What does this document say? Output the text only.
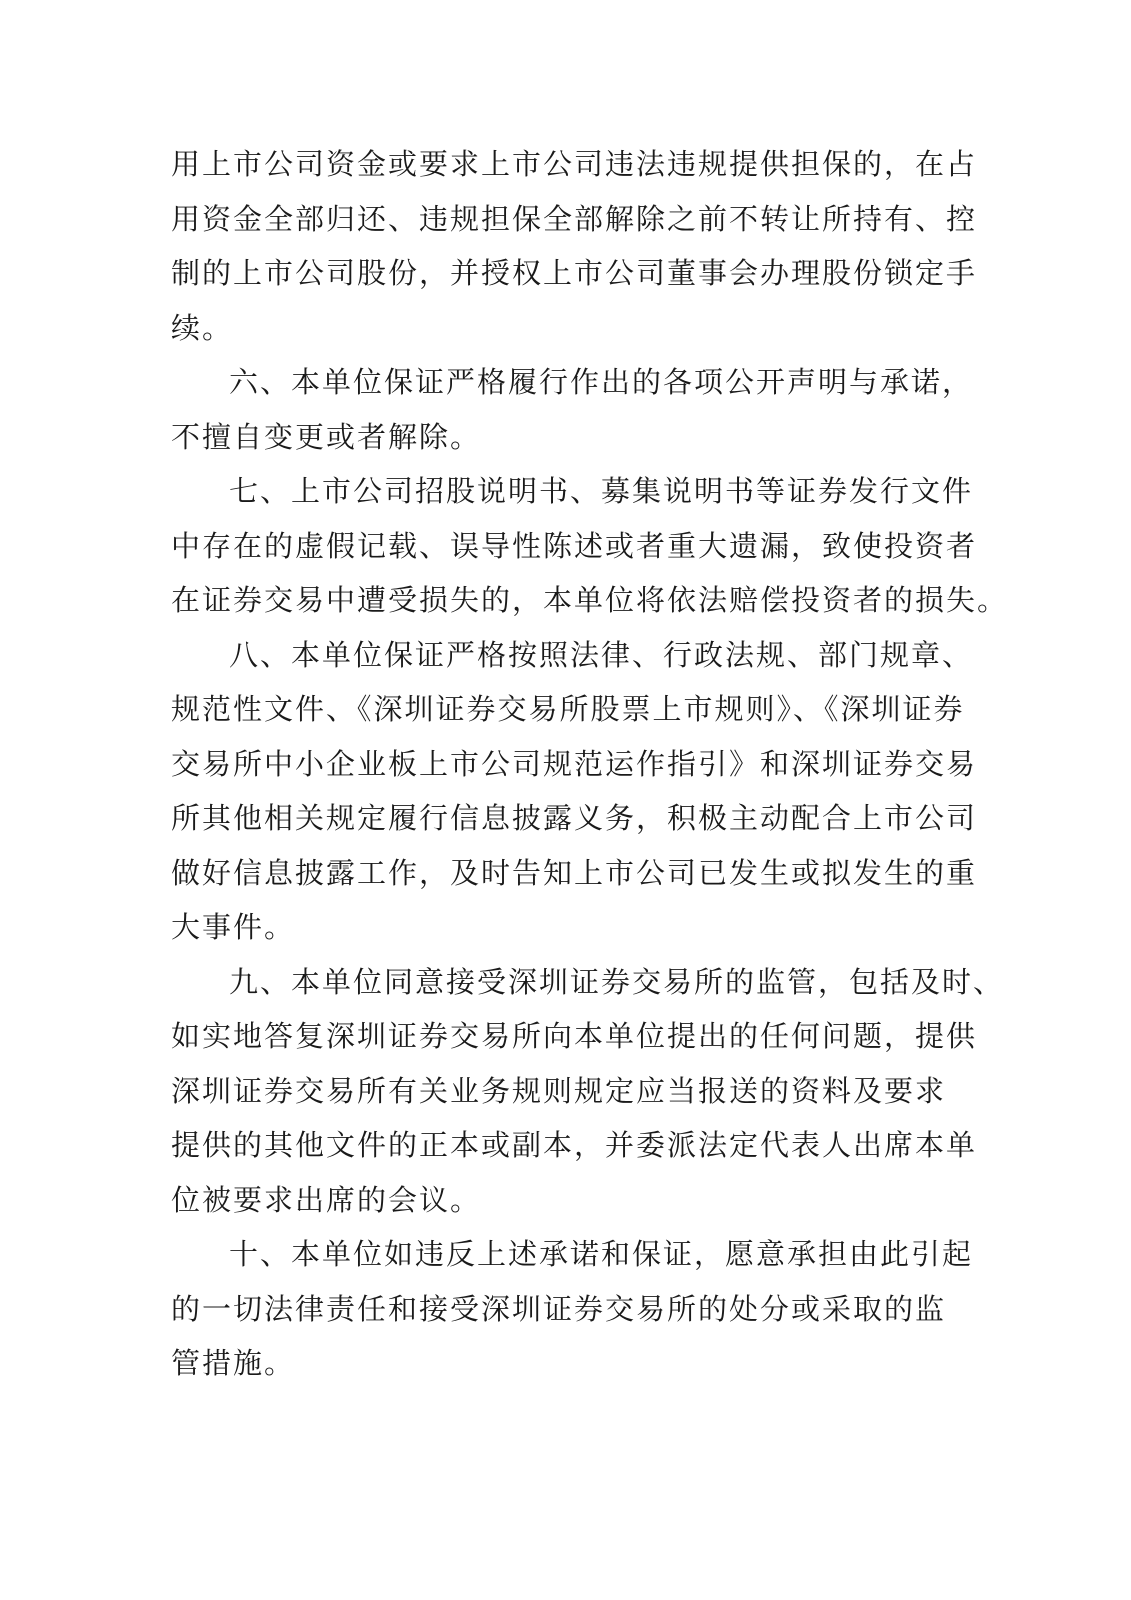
用上市公司资金或要求上市公司违法违规提供担保的，在占
用资金全部归还、违规担保全部解除之前不转让所持有、控
制的上市公司股份，并授权上市公司董事会办理股份锁定手
续。
六、本单位保证严格履行作出的各项公开声明与承诺，
不擅自变更或者解除。
七、上市公司招股说明书、募集说明书等证券发行文件
中存在的虚假记载、误导性陈述或者重大遗漏，致使投资者
在证券交易中遭受损失的，本单位将依法赔偿投资者的损失。
八、本单位保证严格按照法律、行政法规、部门规章、
规范性文件、《深圳证券交易所股票上市规则》、《深圳证券
交易所中小企业板上市公司规范运作指引》和深圳证券交易
所其他相关规定履行信息披露义务，积极主动配合上市公司
做好信息披露工作，及时告知上市公司已发生或拟发生的重
大事件。
九、本单位同意接受深圳证券交易所的监管，包括及时、
如实地答复深圳证券交易所向本单位提出的任何问题，提供
深圳证券交易所有关业务规则规定应当报送的资料及要求
提供的其他文件的正本或副本，并委派法定代表人出席本单
位被要求出席的会议。
十、本单位如违反上述承诺和保证，愿意承担由此引起
的一切法律责任和接受深圳证券交易所的处分或采取的监
管措施。
